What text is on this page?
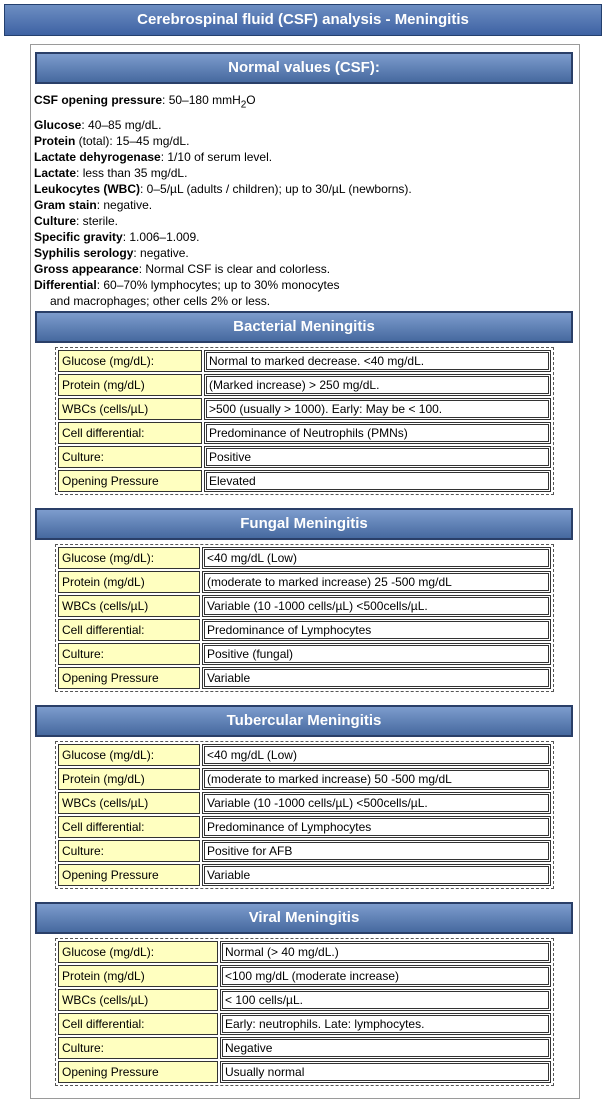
Cerebrospinal fluid (CSF) analysis - Meningitis
Normal values (CSF):
CSF opening pressure: 50–180 mmH$_2$O
Glucose: 40–85 mg/dL.
Protein (total): 15–45 mg/dL.
Lactate dehyrogenase: 1/10 of serum level.
Lactate: less than 35 mg/dL.
Leukocytes (WBC): 0–5/µL (adults / children); up to 30/µL (newborns).
Gram stain: negative.
Culture: sterile.
Specific gravity: 1.006–1.009.
Syphilis serology: negative.
Gross appearance: Normal CSF is clear and colorless.
Differential: 60–70% lymphocytes; up to 30% monocytes
and macrophages; other cells 2% or less.
Bacterial Meningitis
Glucose (mg/dL):	Normal to marked decrease. <40 mg/dL.
Protein (mg/dL)	(Marked increase) > 250 mg/dL.
WBCs (cells/µL)	>500 (usually > 1000). Early: May be < 100.
Cell differential:	Predominance of Neutrophils (PMNs)
Culture:	Positive
Opening Pressure	Elevated
Fungal Meningitis
Glucose (mg/dL):	<40 mg/dL (Low)
Protein (mg/dL)	(moderate to marked increase) 25 -500 mg/dL
WBCs (cells/µL)	Variable (10 -1000 cells/µL) <500cells/µL.
Cell differential:	Predominance of Lymphocytes
Culture:	Positive (fungal)
Opening Pressure	Variable
Tubercular Meningitis
Glucose (mg/dL):	<40 mg/dL (Low)
Protein (mg/dL)	(moderate to marked increase) 50 -500 mg/dL
WBCs (cells/µL)	Variable (10 -1000 cells/µL) <500cells/µL.
Cell differential:	Predominance of Lymphocytes
Culture:	Positive for AFB
Opening Pressure	Variable
Viral Meningitis
Glucose (mg/dL):	Normal (> 40 mg/dL.)
Protein (mg/dL)	<100 mg/dL (moderate increase)
WBCs (cells/µL)	< 100 cells/µL.
Cell differential:	Early: neutrophils. Late: lymphocytes.
Culture:	Negative
Opening Pressure	Usually normal
